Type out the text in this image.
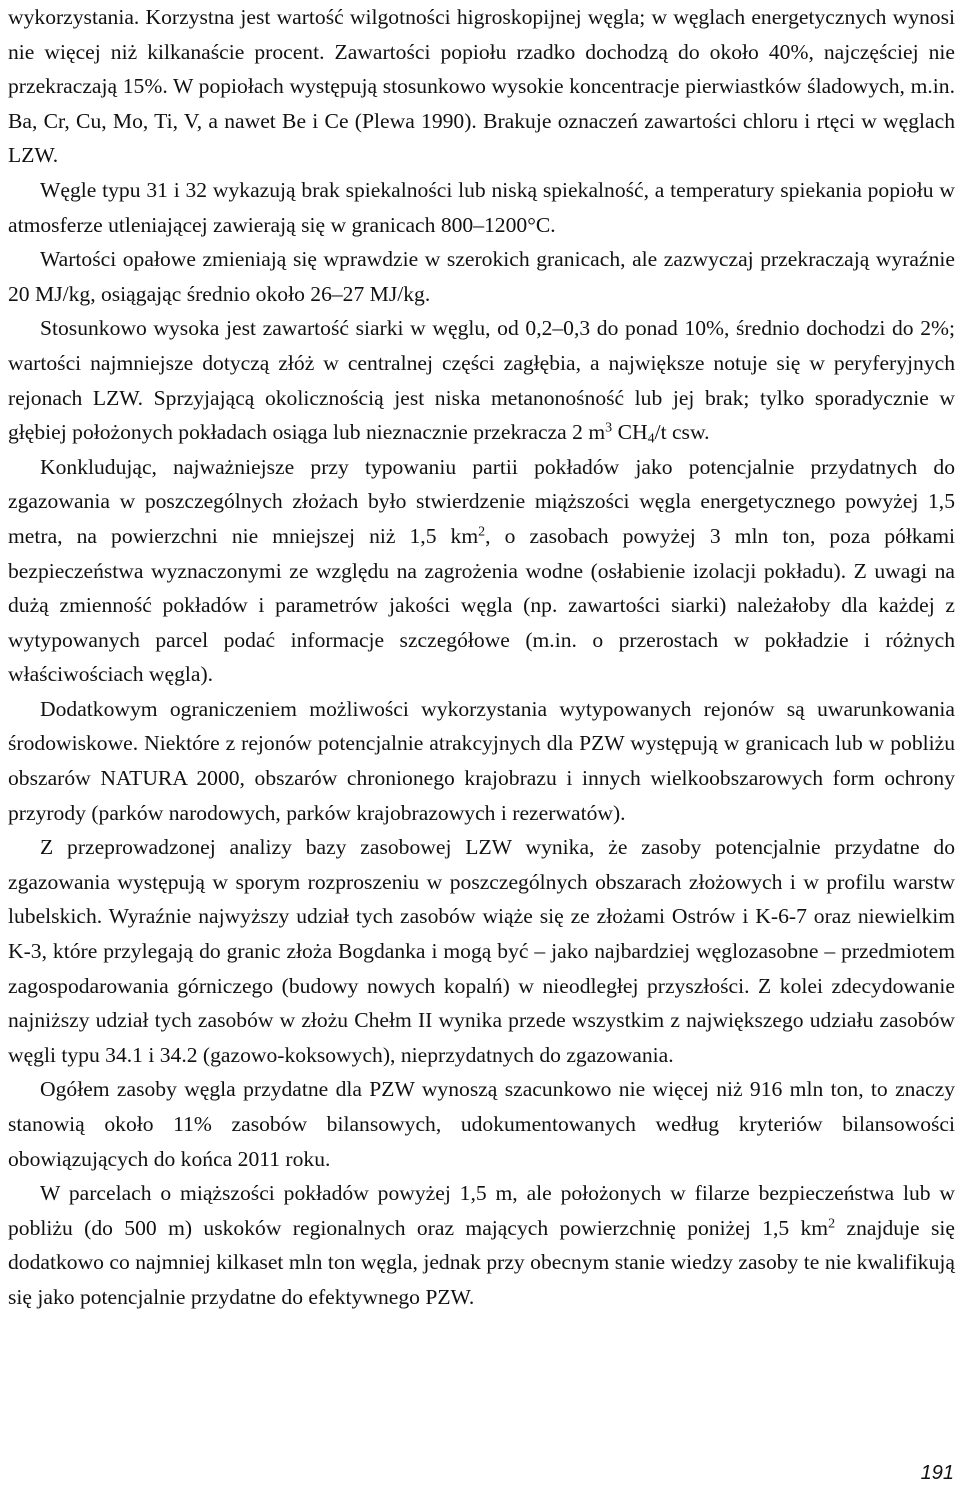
wykorzystania. Korzystna jest wartość wilgotności higroskopijnej węgla; w węglach energetycznych wynosi nie więcej niż kilkanaście procent. Zawartości popiołu rzadko dochodzą do około 40%, najczęściej nie przekraczają 15%. W popiołach występują stosunkowo wysokie koncentracje pierwiastków śladowych, m.in. Ba, Cr, Cu, Mo, Ti, V, a nawet Be i Ce (Plewa 1990). Brakuje oznaczeń zawartości chloru i rtęci w węglach LZW.

Węgle typu 31 i 32 wykazują brak spiekalności lub niską spiekalność, a temperatury spiekania popiołu w atmosferze utleniającej zawierają się w granicach 800–1200°C.

Wartości opałowe zmieniają się wprawdzie w szerokich granicach, ale zazwyczaj przekraczają wyraźnie 20 MJ/kg, osiągając średnio około 26–27 MJ/kg.

Stosunkowo wysoka jest zawartość siarki w węglu, od 0,2–0,3 do ponad 10%, średnio dochodzi do 2%; wartości najmniejsze dotyczą złóż w centralnej części zagłębia, a największe notuje się w peryferyjnych rejonach LZW. Sprzyjającą okolicznością jest niska metanonośność lub jej brak; tylko sporadycznie w głębiej położonych pokładach osiąga lub nieznacznie przekracza 2 $m^3$ $CH_4/t$ csw.

Konkludując, najważniejsze przy typowaniu partii pokładów jako potencjalnie przydatnych do zgazowania w poszczególnych złożach było stwierdzenie miąższości węgla energetycznego powyżej 1,5 metra, na powierzchni nie mniejszej niż 1,5 $km^2$, o zasobach powyżej 3 mln ton, poza półkami bezpieczeństwa wyznaczonymi ze względu na zagrożenia wodne (osłabienie izolacji pokładu). Z uwagi na dużą zmienność pokładów i parametrów jakości węgla (np. zawartości siarki) należałoby dla każdej z wytypowanych parcel podać informacje szczegółowe (m.in. o przerostach w pokładzie i różnych właściwościach węgla).

Dodatkowym ograniczeniem możliwości wykorzystania wytypowanych rejonów są uwarunkowania środowiskowe. Niektóre z rejonów potencjalnie atrakcyjnych dla PZW występują w granicach lub w pobliżu obszarów NATURA 2000, obszarów chronionego krajobrazu i innych wielkoobszarowych form ochrony przyrody (parków narodowych, parków krajobrazowych i rezerwatów).

Z przeprowadzonej analizy bazy zasobowej LZW wynika, że zasoby potencjalnie przydatne do zgazowania występują w sporym rozproszeniu w poszczególnych obszarach złożowych i w profilu warstw lubelskich. Wyraźnie najwyższy udział tych zasobów wiąże się ze złożami Ostrów i K-6-7 oraz niewielkim K-3, które przylegają do granic złoża Bogdanka i mogą być – jako najbardziej węglozasobne – przedmiotem zagospodarowania górniczego (budowy nowych kopalń) w nieodległej przyszłości. Z kolei zdecydowanie najniższy udział tych zasobów w złożu Chełm II wynika przede wszystkim z największego udziału zasobów węgli typu 34.1 i 34.2 (gazowo-koksowych), nieprzydatnych do zgazowania.

Ogółem zasoby węgla przydatne dla PZW wynoszą szacunkowo nie więcej niż 916 mln ton, to znaczy stanowią około 11% zasobów bilansowych, udokumentowanych według kryteriów bilansowości obowiązujących do końca 2011 roku.

W parcelach o miąższości pokładów powyżej 1,5 m, ale położonych w filarze bezpieczeństwa lub w pobliżu (do 500 m) uskoków regionalnych oraz mających powierzchnię poniżej 1,5 $km^2$ znajduje się dodatkowo co najmniej kilkaset mln ton węgla, jednak przy obecnym stanie wiedzy zasoby te nie kwalifikują się jako potencjalnie przydatne do efektywnego PZW.

191
